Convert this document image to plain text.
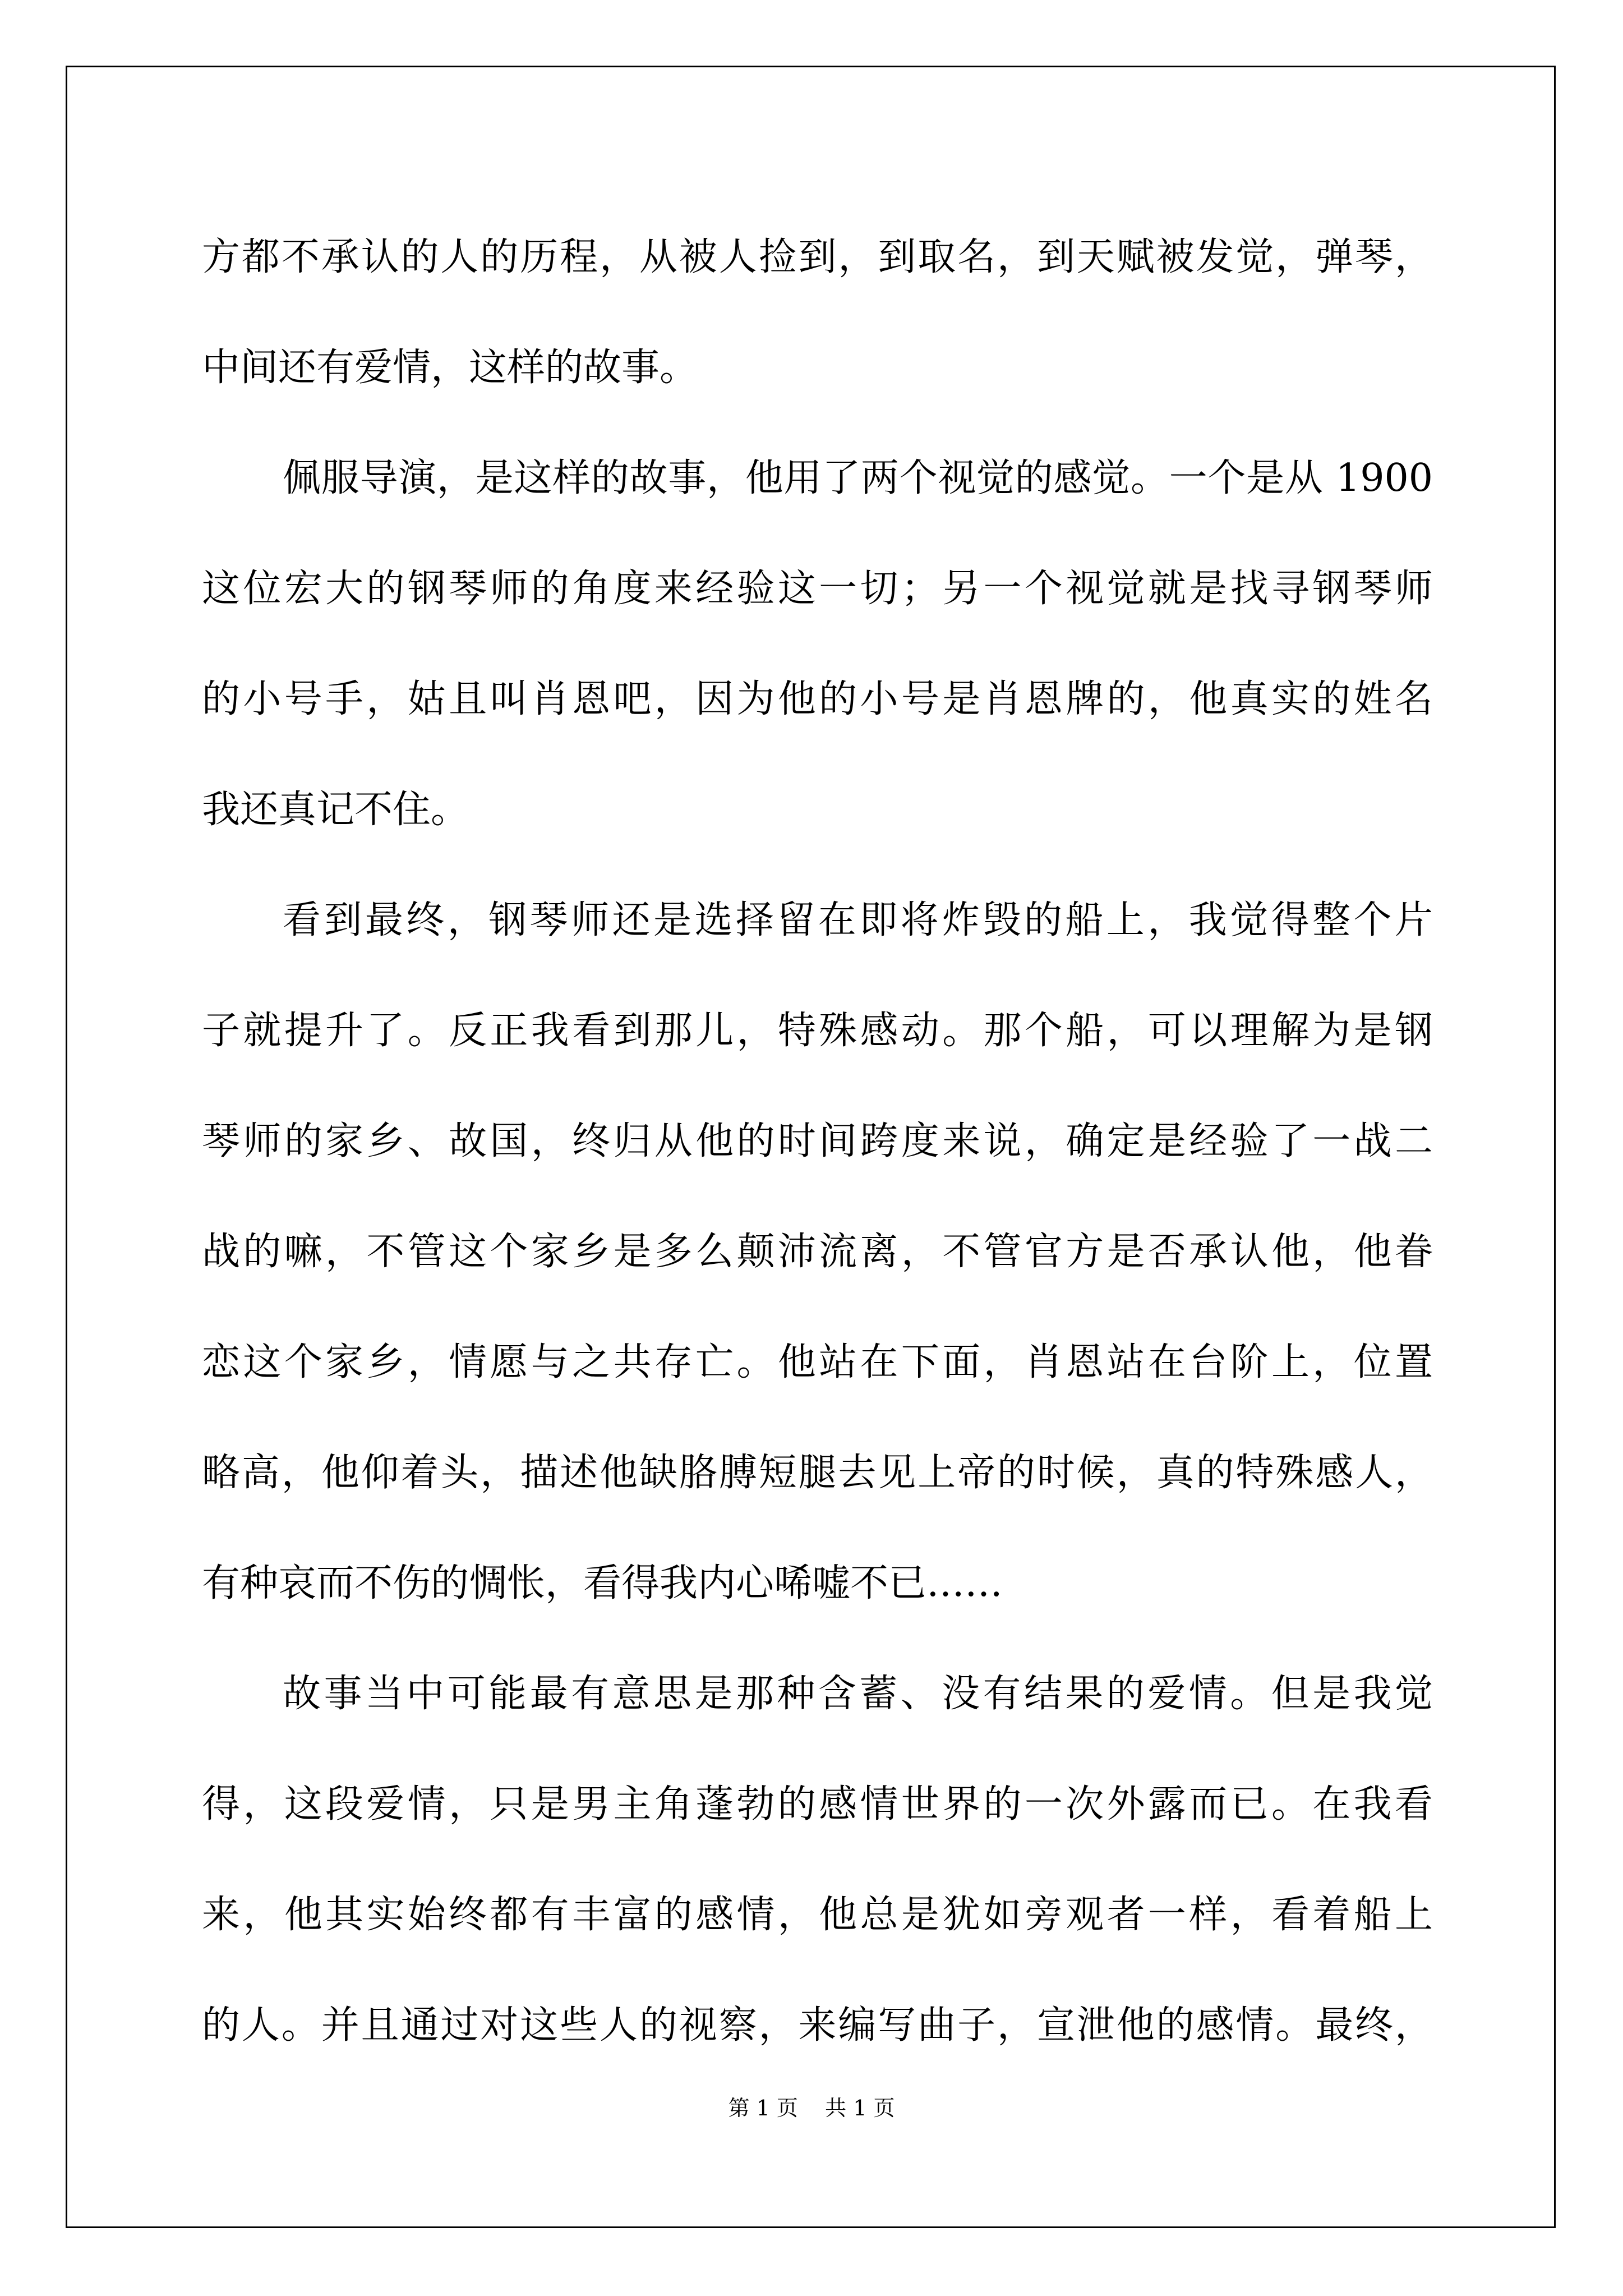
方都不承认的人的历程，从被人捡到，到取名，到天赋被发觉，弹琴，
中间还有爱情，这样的故事。
佩服导演，是这样的故事，他用了两个视觉的感觉。一个是从 1900
这位宏大的钢琴师的角度来经验这一切；另一个视觉就是找寻钢琴师
的小号手，姑且叫肖恩吧，因为他的小号是肖恩牌的，他真实的姓名
我还真记不住。
看到最终，钢琴师还是选择留在即将炸毁的船上，我觉得整个片
子就提升了。反正我看到那儿，特殊感动。那个船，可以理解为是钢
琴师的家乡、故国，终归从他的时间跨度来说，确定是经验了一战二
战的嘛，不管这个家乡是多么颠沛流离，不管官方是否承认他，他眷
恋这个家乡，情愿与之共存亡。他站在下面，肖恩站在台阶上，位置
略高，他仰着头，描述他缺胳膊短腿去见上帝的时候，真的特殊感人，
有种哀而不伤的惆怅，看得我内心唏嘘不已……
故事当中可能最有意思是那种含蓄、没有结果的爱情。但是我觉
得，这段爱情，只是男主角蓬勃的感情世界的一次外露而已。在我看
来，他其实始终都有丰富的感情，他总是犹如旁观者一样，看着船上
的人。并且通过对这些人的视察，来编写曲子，宣泄他的感情。最终，
第 1 页    共 1 页
